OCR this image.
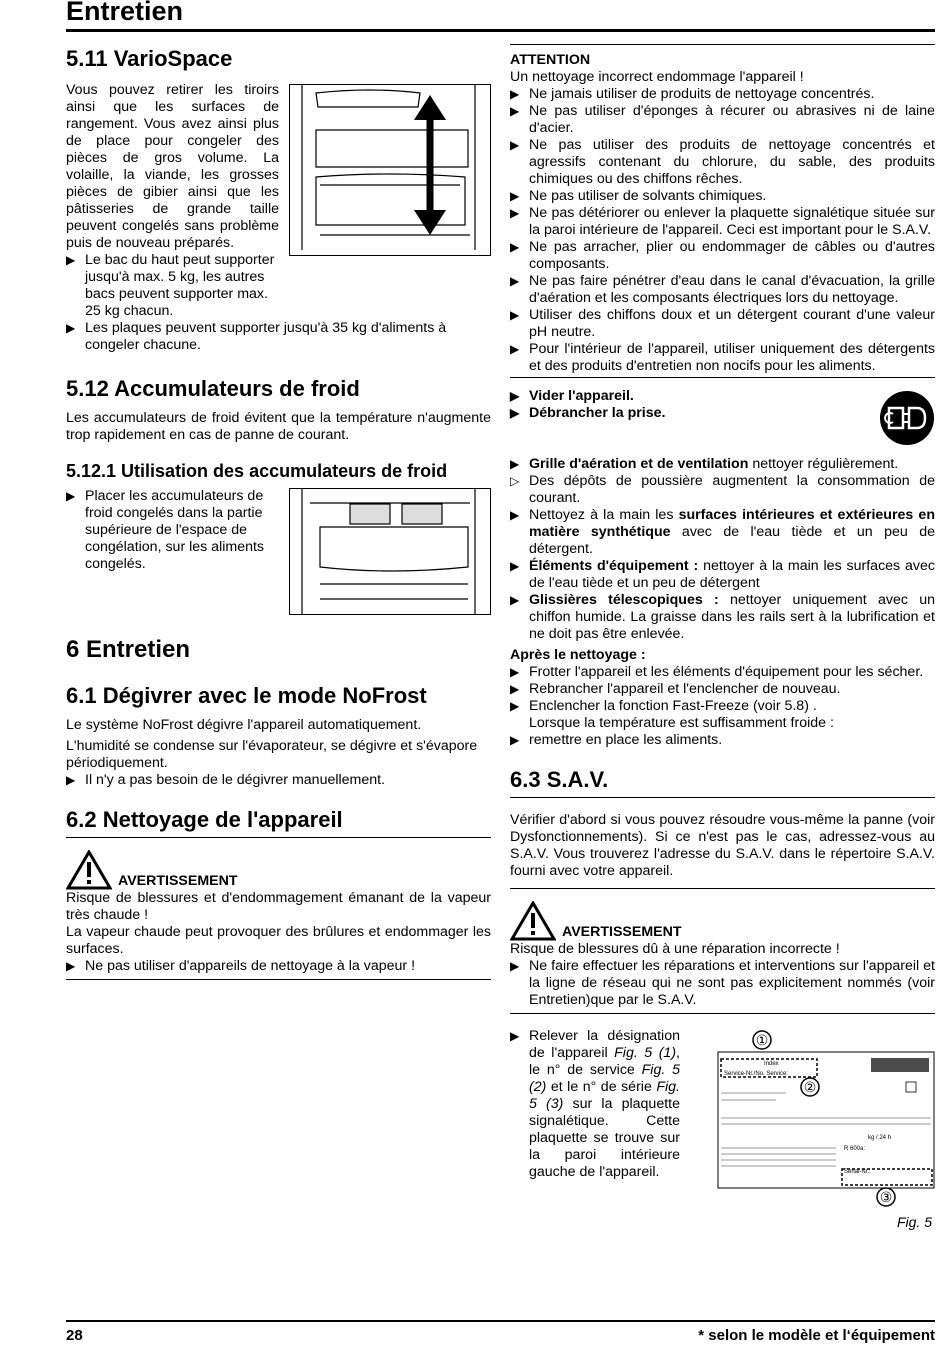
Entretien
5.11 VarioSpace

Vous pouvez retirer les tiroirs ainsi que les surfaces de rangement. Vous avez ainsi plus de place pour congeler des pièces de gros volume. La volaille, la viande, les grosses pièces de gibier ainsi que les pâtisseries de grande taille peuvent congelés sans problème puis de nouveau préparés.

▶ Le bac du haut peut supporter jusqu'à max. 5 kg, les autres bacs peuvent supporter max. 25 kg chacun.
▶ Les plaques peuvent supporter jusqu'à 35 kg d'aliments à congeler chacune.
5.12 Accumulateurs de froid

Les accumulateurs de froid évitent que la température n'augmente trop rapidement en cas de panne de courant.

5.12.1 Utilisation des accumulateurs de froid
▶ Placer les accumulateurs de froid congelés dans la partie supérieure de l'espace de congélation, sur les aliments congelés.
6 Entretien
6.1 Dégivrer avec le mode NoFrost

Le système NoFrost dégivre l'appareil automatiquement.

L'humidité se condense sur l'évaporateur, se dégivre et s'évapore périodiquement.

▶ Il n'y a pas besoin de le dégivrer manuellement.
6.2 Nettoyage de l'appareil
AVERTISSEMENT

Risque de blessures et d'endommagement émanant de la vapeur très chaude !

La vapeur chaude peut provoquer des brûlures et endommager les surfaces.

▶ Ne pas utiliser d'appareils de nettoyage à la vapeur !
ATTENTION

Un nettoyage incorrect endommage l'appareil !

▶ Ne jamais utiliser de produits de nettoyage concentrés.
▶ Ne pas utiliser d'éponges à récurer ou abrasives ni de laine d'acier.
▶ Ne pas utiliser des produits de nettoyage concentrés et agressifs contenant du chlorure, du sable, des produits chimiques ou des chiffons rêches.
▶ Ne pas utiliser de solvants chimiques.
▶ Ne pas détériorer ou enlever la plaquette signalétique située sur la paroi intérieure de l'appareil. Ceci est important pour le S.A.V.
▶ Ne pas arracher, plier ou endommager de câbles ou d'autres composants.
▶ Ne pas faire pénétrer d'eau dans le canal d'évacuation, la grille d'aération et les composants électriques lors du nettoyage.
▶ Utiliser des chiffons doux et un détergent courant d'une valeur pH neutre.
▶ Pour l'intérieur de l'appareil, utiliser uniquement des détergents et des produits d'entretien non nocifs pour les aliments.
▶ Vider l'appareil.
▶ Débrancher la prise.
▶ Grille d'aération et de ventilation nettoyer régulièrement.
▷ Des dépôts de poussière augmentent la consommation de courant.
▶ Nettoyez à la main les surfaces intérieures et extérieures en matière synthétique avec de l'eau tiède et un peu de détergent.
▶ Éléments d'équipement : nettoyer à la main les surfaces avec de l'eau tiède et un peu de détergent
▶ Glissières télescopiques : nettoyer uniquement avec un chiffon humide. La graisse dans les rails sert à la lubrification et ne doit pas être enlevée.
Après le nettoyage :
▶ Frotter l'appareil et les éléments d'équipement pour les sécher.
▶ Rebrancher l'appareil et l'enclencher de nouveau.
▶ Enclencher la fonction Fast-Freeze (voir 5.8) .
Lorsque la température est suffisamment froide :
▶ remettre en place les aliments.
6.3 S.A.V.

Vérifier d'abord si vous pouvez résoudre vous-même la panne (voir Dysfonctionnements). Si ce n'est pas le cas, adressez-vous au S.A.V. Vous trouverez l'adresse du S.A.V. dans le répertoire S.A.V. fourni avec votre appareil.

AVERTISSEMENT

Risque de blessures dû à une réparation incorrecte !

▶ Ne faire effectuer les réparations et interventions sur l'appareil et la ligne de réseau qui ne sont pas explicitement nommés (voir Entretien)que par le S.A.V.
▶ Relever la désignation de l'appareil Fig. 5 (1), le n° de service Fig. 5 (2) et le n° de série Fig. 5 (3) sur la plaquette signalétique. Cette plaquette se trouve sur la paroi intérieure gauche de l'appareil.
①
Index
Service-Nr./No. Service:
②
kg / 24 h
R 600a:
Serial-Nr.:
③
Fig. 5
28	* selon le modèle et l‘équipement
